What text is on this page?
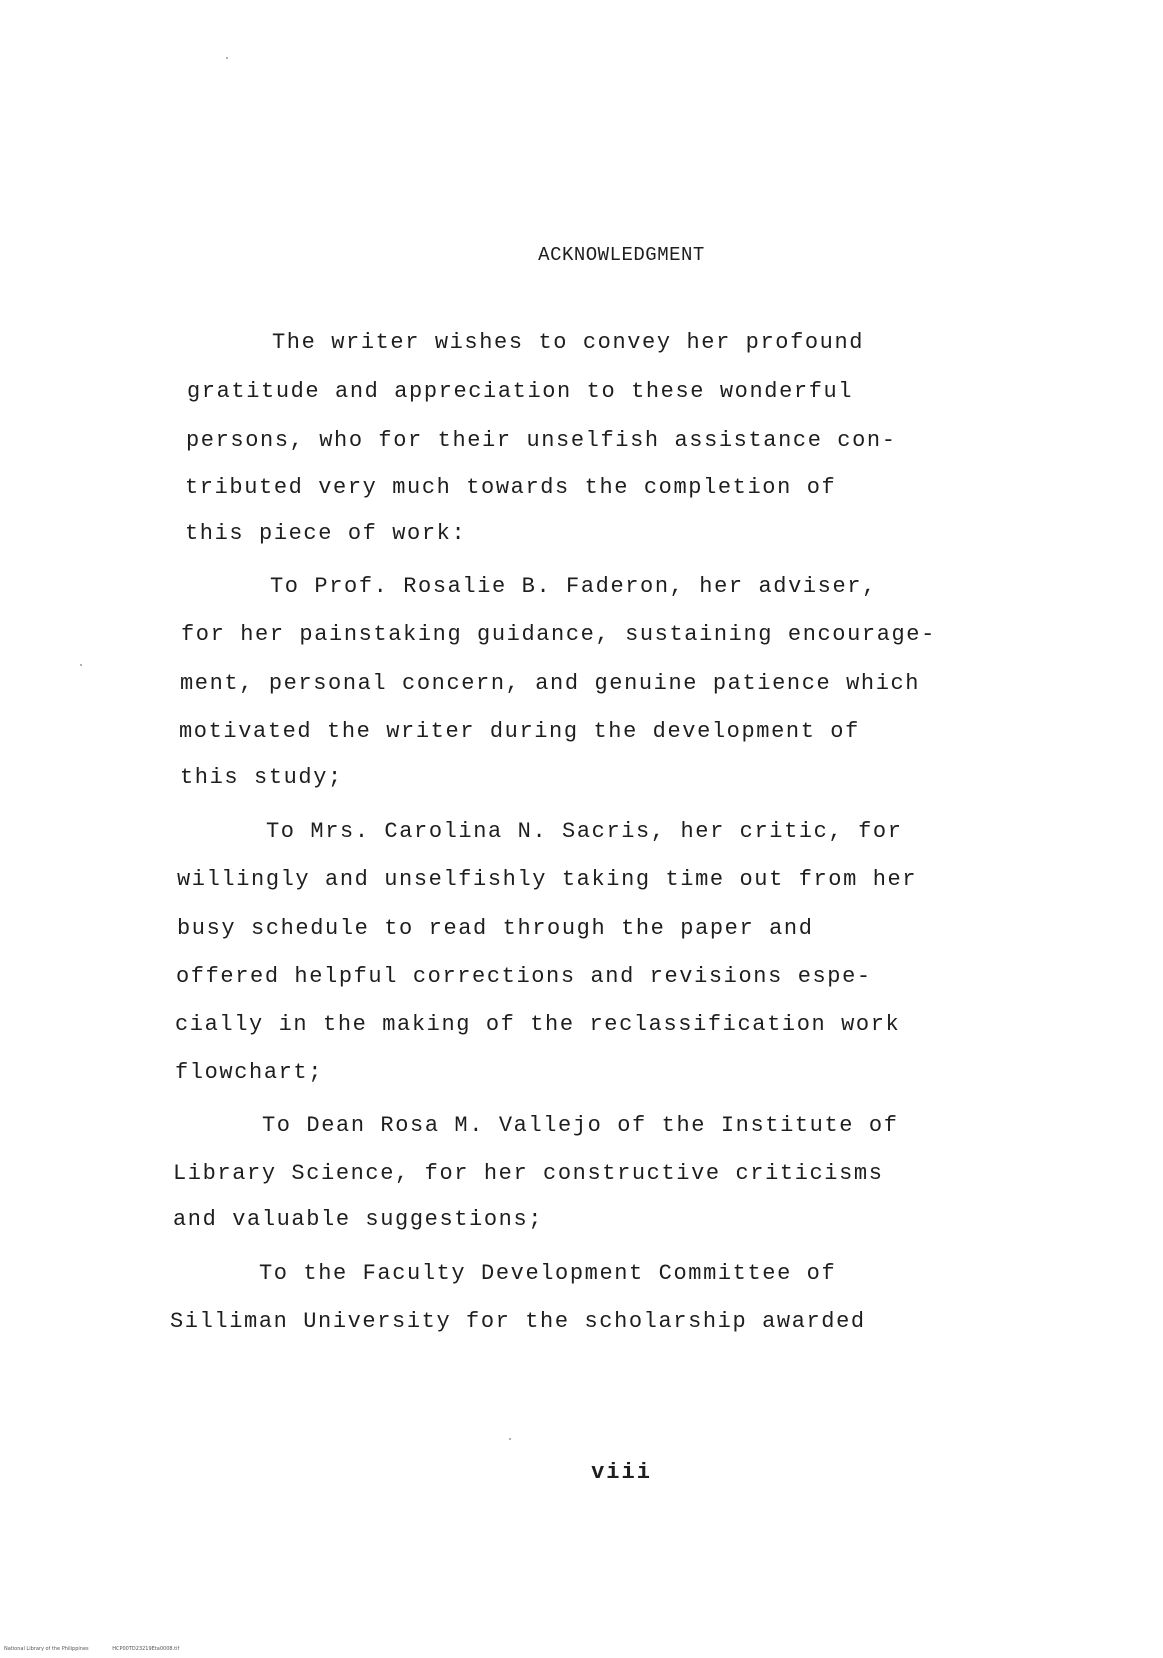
ACKNOWLEDGMENT
The writer wishes to convey her profound
gratitude and appreciation to these wonderful
persons, who for their unselfish assistance con-
tributed very much towards the completion of
this piece of work:
To Prof. Rosalie B. Faderon, her adviser,
for her painstaking guidance, sustaining encourage-
ment, personal concern, and genuine patience which
motivated the writer during the development of
this study;
To Mrs. Carolina N. Sacris, her critic, for
willingly and unselfishly taking time out from her
busy schedule to read through the paper and
offered helpful corrections and revisions espe-
cially in the making of the reclassification work
flowchart;
To Dean Rosa M. Vallejo of the Institute of
Library Science, for her constructive criticisms
and valuable suggestions;
To the Faculty Development Committee of
Silliman University for the scholarship awarded
viii
National Library of the Philippines	HCP00TD23219Eta0008.tif
